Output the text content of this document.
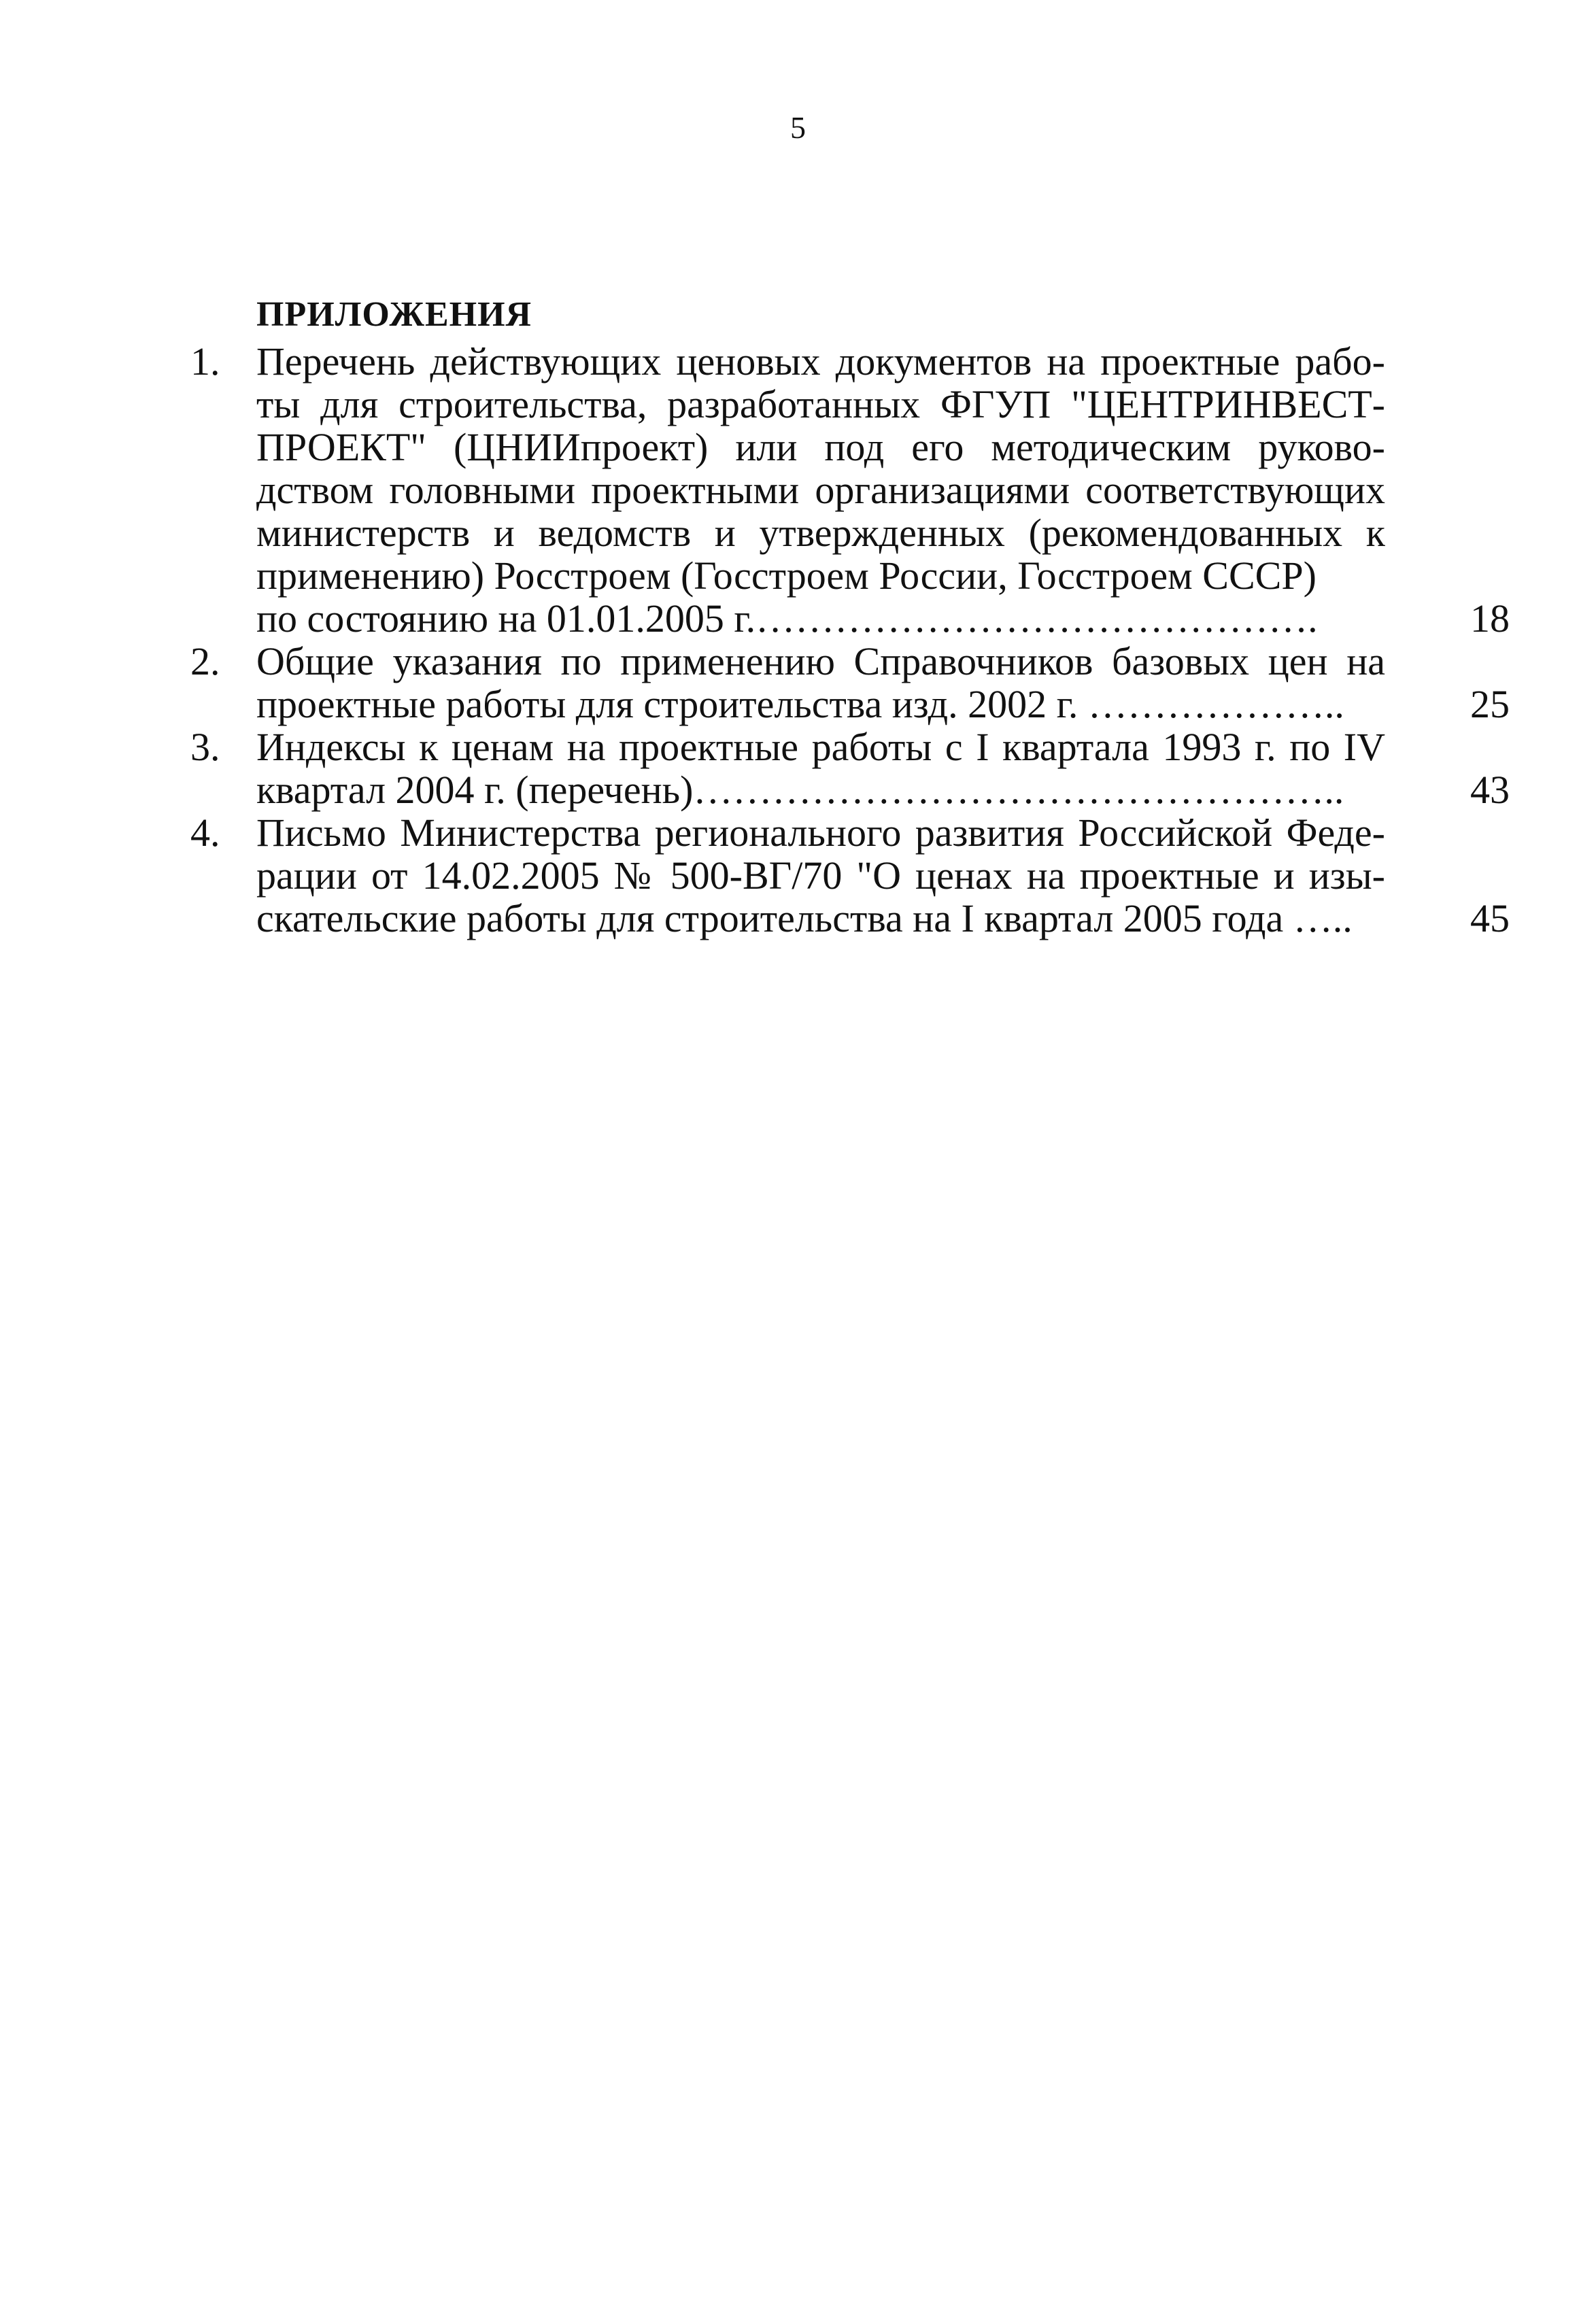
5
ПРИЛОЖЕНИЯ
1. Перечень действующих ценовых документов на проектные рабо-
ты для строительства, разработанных ФГУП "ЦЕНТРИНВЕСТ-
ПРОЕКТ" (ЦНИИпроект) или под его методическим руково-
дством головными проектными организациями соответствующих
министерств и ведомств и утвержденных (рекомендованных к
применению) Росстроем (Госстроем России, Госстроем СССР)
по состоянию на 01.01.2005 г.…………………………………….	18
2. Общие указания по применению Справочников базовых цен на
проектные работы для строительства изд. 2002 г. ………………..	25
3. Индексы к ценам на проектные работы с I квартала 1993 г. по IV
квартал 2004 г. (перечень)…………………………………………..	43
4. Письмо Министерства регионального развития Российской Феде-
рации от 14.02.2005 № 500-ВГ/70 "О ценах на проектные и изы-
скательские работы для строительства на I квартал 2005 года …..	45
